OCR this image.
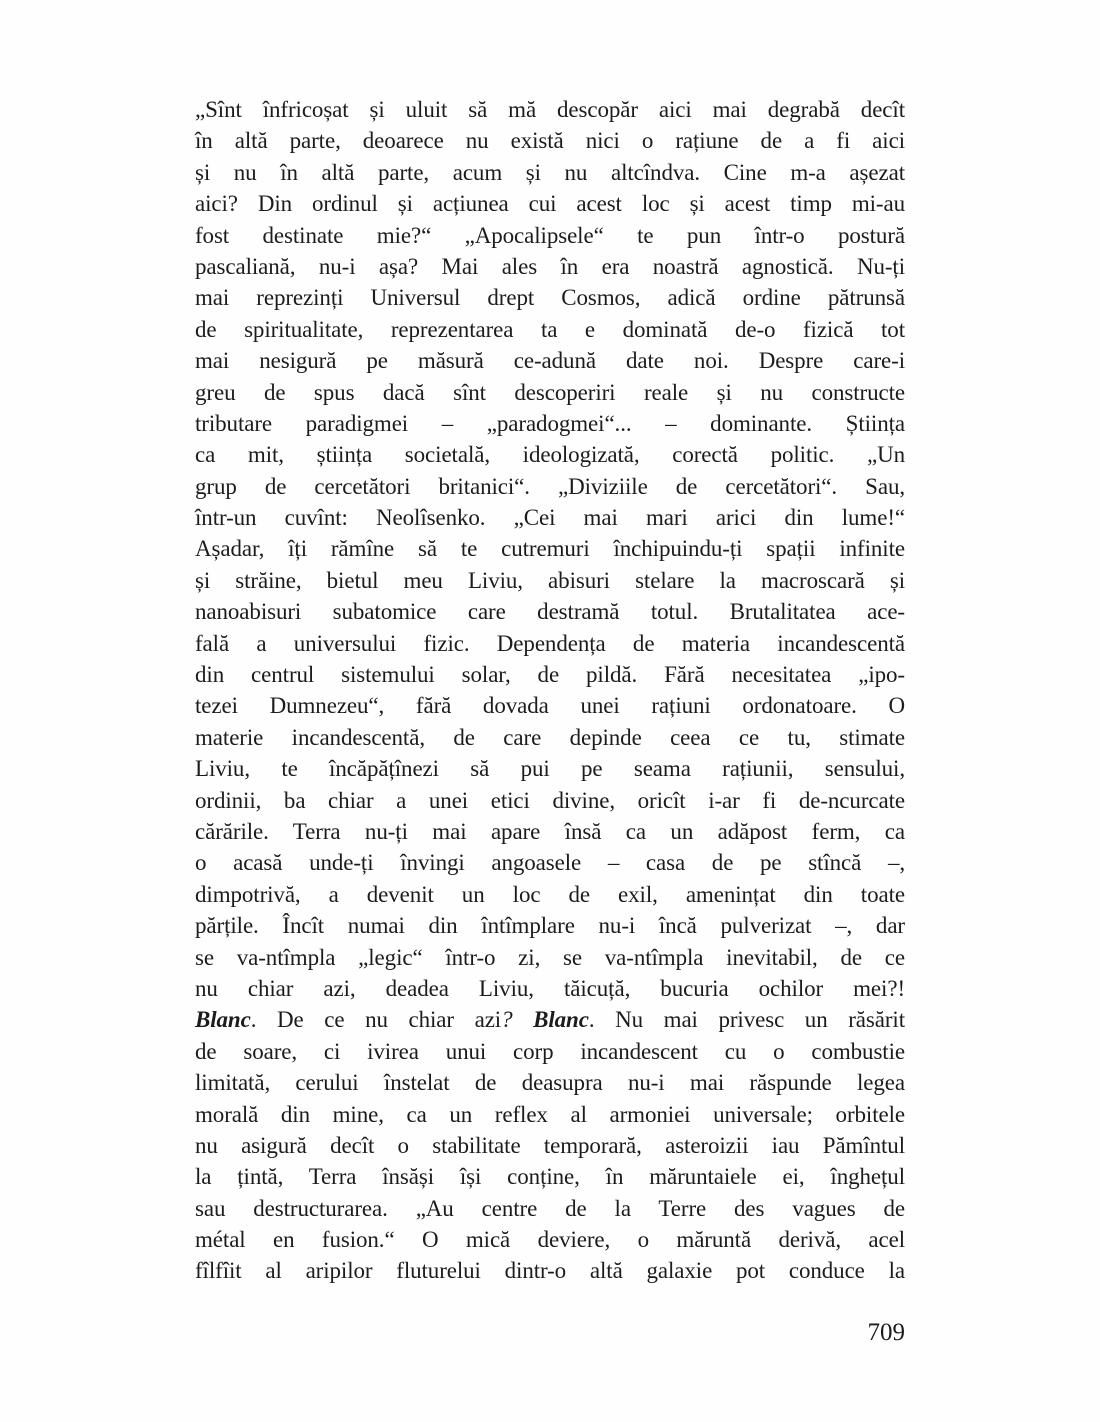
„Sînt înfricoșat și uluit să mă descopăr aici mai degrabă decît
în altă parte, deoarece nu există nici o rațiune de a fi aici
și nu în altă parte, acum și nu altcîndva. Cine m-a așezat
aici? Din ordinul și acțiunea cui acest loc și acest timp mi-au
fost destinate mie?“ „Apocalipsele“ te pun într-o postură
pascaliană, nu-i așa? Mai ales în era noastră agnostică. Nu-ți
mai reprezinți Universul drept Cosmos, adică ordine pătrunsă
de spiritualitate, reprezentarea ta e dominată de-o fizică tot
mai nesigură pe măsură ce-adună date noi. Despre care-i
greu de spus dacă sînt descoperiri reale și nu constructe
tributare paradigmei – „paradogmei“... – dominante. Știința
ca mit, știința societală, ideologizată, corectă politic. „Un
grup de cercetători britanici“. „Diviziile de cercetători“. Sau,
într-un cuvînt: Neolîsenko. „Cei mai mari arici din lume!“
Așadar, îți rămîne să te cutremuri închipuindu-ți spații infinite
și străine, bietul meu Liviu, abisuri stelare la macroscară și
nanoabisuri subatomice care destramă totul. Brutalitatea ace-
fală a universului fizic. Dependența de materia incandescentă
din centrul sistemului solar, de pildă. Fără necesitatea „ipo-
tezei Dumnezeu“, fără dovada unei rațiuni ordonatoare. O
materie incandescentă, de care depinde ceea ce tu, stimate
Liviu, te încăpățînezi să pui pe seama rațiunii, sensului,
ordinii, ba chiar a unei etici divine, oricît i-ar fi de-ncurcate
cărările. Terra nu-ți mai apare însă ca un adăpost ferm, ca
o acasă unde-ți învingi angoasele – casa de pe stîncă –,
dimpotrivă, a devenit un loc de exil, amenințat din toate
părțile. Încît numai din întîmplare nu-i încă pulverizat –, dar
se va-ntîmpla „legic“ într-o zi, se va-ntîmpla inevitabil, de ce
nu chiar azi, deadea Liviu, tăicuță, bucuria ochilor mei?!
Blanc. De ce nu chiar azi? Blanc. Nu mai privesc un răsărit
de soare, ci ivirea unui corp incandescent cu o combustie
limitată, cerului înstelat de deasupra nu-i mai răspunde legea
morală din mine, ca un reflex al armoniei universale; orbitele
nu asigură decît o stabilitate temporară, asteroizii iau Pămîntul
la țintă, Terra însăși își conține, în măruntaiele ei, înghețul
sau destructurarea. „Au centre de la Terre des vagues de
métal en fusion.“ O mică deviere, o măruntă derivă, acel
fîlfîit al aripilor fluturelui dintr-o altă galaxie pot conduce la
709
